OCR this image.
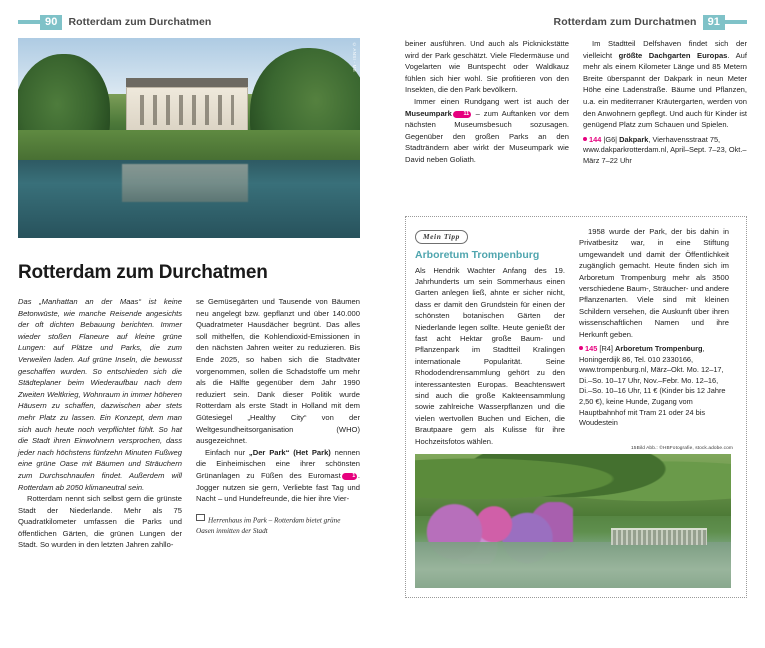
90	Rotterdam zum Durchatmen	Rotterdam zum Durchatmen	91
© ANSI - MB
Rotterdam zum Durchatmen

Das „Manhattan an der Maas“ ist keine Betonwüste, wie manche Reisende angesichts der oft dichten Bebauung berichten. Immer wieder stoßen Flaneure auf kleine grüne Lungen: auf Plätze und Parks, die zum Verweilen laden. Auf grüne Inseln, die bewusst geschaffen wurden. So entschieden sich die Städteplaner beim Wiederaufbau nach dem Zweiten Weltkrieg, Wohnraum in immer höheren Häusern zu schaffen, dazwischen aber stets mehr Platz zu lassen. Ein Konzept, dem man sich auch heute noch verpflichtet fühlt. So hat die Stadt ihren Einwohnern versprochen, dass jeder nach höchstens fünfzehn Minuten Fußweg eine grüne Oase mit Bäumen und Sträuchern zum Durchschnaufen findet. Außerdem will Rotterdam ab 2050 klimaneutral sein.

Rotterdam nennt sich selbst gern die grünste Stadt der Niederlande. Mehr als 75 Quadratkilometer umfassen die Parks und öffentlichen Gärten, die grünen Lungen der Stadt. So wurden in den letzten Jahren zahllo-

se Gemüsegärten und Tausende von Bäumen neu angelegt bzw. gepflanzt und über 140.000 Quadratmeter Hausdächer begrünt. Das alles soll mithelfen, die Kohlendioxid-Emissionen in den nächsten Jahren weiter zu reduzieren. Bis Ende 2025, so haben sich die Stadtväter vorgenommen, sollen die Schadstoffe um mehr als die Hälfte gegenüber dem Jahr 1990 reduziert sein. Dank dieser Politik wurde Rotterdam als erste Stadt in Holland mit dem Gütesiegel „Healthy City“ von der Weltgesundheitsorganisation (WHO) ausgezeichnet.

Einfach nur „Der Park“ (Het Park) nennen die Einheimischen eine ihrer schönsten Grünanlagen zu Füßen des Euromast 1 . Jogger nutzen sie gern, Verliebte fast Tag und Nacht – und Hundefreunde, die hier ihre Vier-

Herrenhaus im Park – Rotterdam bietet grüne Oasen inmitten der Stadt

beiner ausführen. Und auch als Picknickstätte wird der Park geschätzt. Viele Fledermäuse und Vogelarten wie Buntspecht oder Waldkauz fühlen sich hier wohl. Sie profitieren von den Insekten, die den Park bevölkern.

Immer einen Rundgang wert ist auch der Museumpark 11 – zum Auftanken vor dem nächsten Museumsbesuch sozusagen. Gegenüber den großen Parks an den Stadträndern aber wirkt der Museumpark wie David neben Goliath.

Im Stadtteil Delfshaven findet sich der vielleicht größte Dachgarten Europas. Auf mehr als einem Kilometer Länge und 85 Metern Breite überspannt der Dakpark in neun Meter Höhe eine Ladenstraße. Bäume und Pflanzen, u.a. ein mediterraner Kräutergarten, werden von den Anwohnern gepflegt. Und auch für Kinder ist genügend Platz zum Schauen und Spielen.

144 |G6| Dakpark, Vierhavensstraat 75, www.dakparkrotterdam.nl, April–Sept. 7–23, Okt.–März 7–22 Uhr

Mein Tipp
Arboretum Trompenburg

Als Hendrik Wachter Anfang des 19. Jahrhunderts um sein Sommerhaus einen Garten anlegen ließ, ahnte er sicher nicht, dass er damit den Grundstein für einen der schönsten botanischen Gärten der Niederlande legen sollte. Heute genießt der fast acht Hektar große Baum- und Pflanzenpark im Stadtteil Kralingen internationale Popularität. Seine Rhododendrensammlung gehört zu den interessantesten Europas. Beachtenswert sind auch die große Kakteensammlung sowie zahlreiche Wasserpflanzen und die vielen wertvollen Buchen und Eichen, die Brautpaare gern als Kulisse für ihre Hochzeitsfotos wählen.

1958 wurde der Park, der bis dahin in Privatbesitz war, in eine Stiftung umgewandelt und damit der Öffentlichkeit zugänglich gemacht. Heute finden sich im Arboretum Trompenburg mehr als 3500 verschiedene Baum-, Sträucher- und andere Pflanzenarten. Viele sind mit kleinen Schildern versehen, die Auskunft über ihren wissenschaftlichen Namen und ihre Herkunft geben.

145 [R4] Arboretum Trompenburg, Honingerdijk 86, Tel. 010 2330166, www.trompenburg.nl, März–Okt. Mo. 12–17, Di.–So. 10–17 Uhr, Nov.–Febr. Mo. 12–16, Di.–So. 10–16 Uhr, 11 € (Kinder bis 12 Jahre 2,50 €), keine Hunde, Zugang vom Hauptbahnhof mit Tram 21 oder 24 bis Woudestein

15Bild Abb.: ©HBFotografie, stock.adobe.com
